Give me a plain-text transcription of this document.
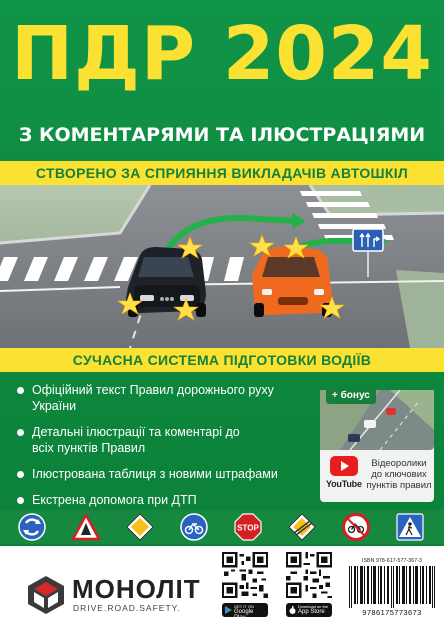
ПДР 2024
З КОМЕНТАРЯМИ ТА ІЛЮСТРАЦІЯМИ
СТВОРЕНО ЗА СПРИЯННЯ ВИКЛАДАЧІВ АВТОШКІЛ
СУЧАСНА СИСТЕМА ПІДГОТОВКИ ВОДІЇВ
Офіційний текст Правил дорожнього руху України
Детальні ілюстрації та коментарі до всіх пунктів Правил
Ілюстрована таблиця з новими штрафами
Екстрена допомога при ДТП
+ бонус
YouTube
Відеоролики до ключових пунктів правил
STOP
МОНОЛІТ
DRIVE.ROAD.SAFETY.	GET IT ON
Google Play
Download on the
App Store
ISBN 978-617-577-367-3
9786175773673
